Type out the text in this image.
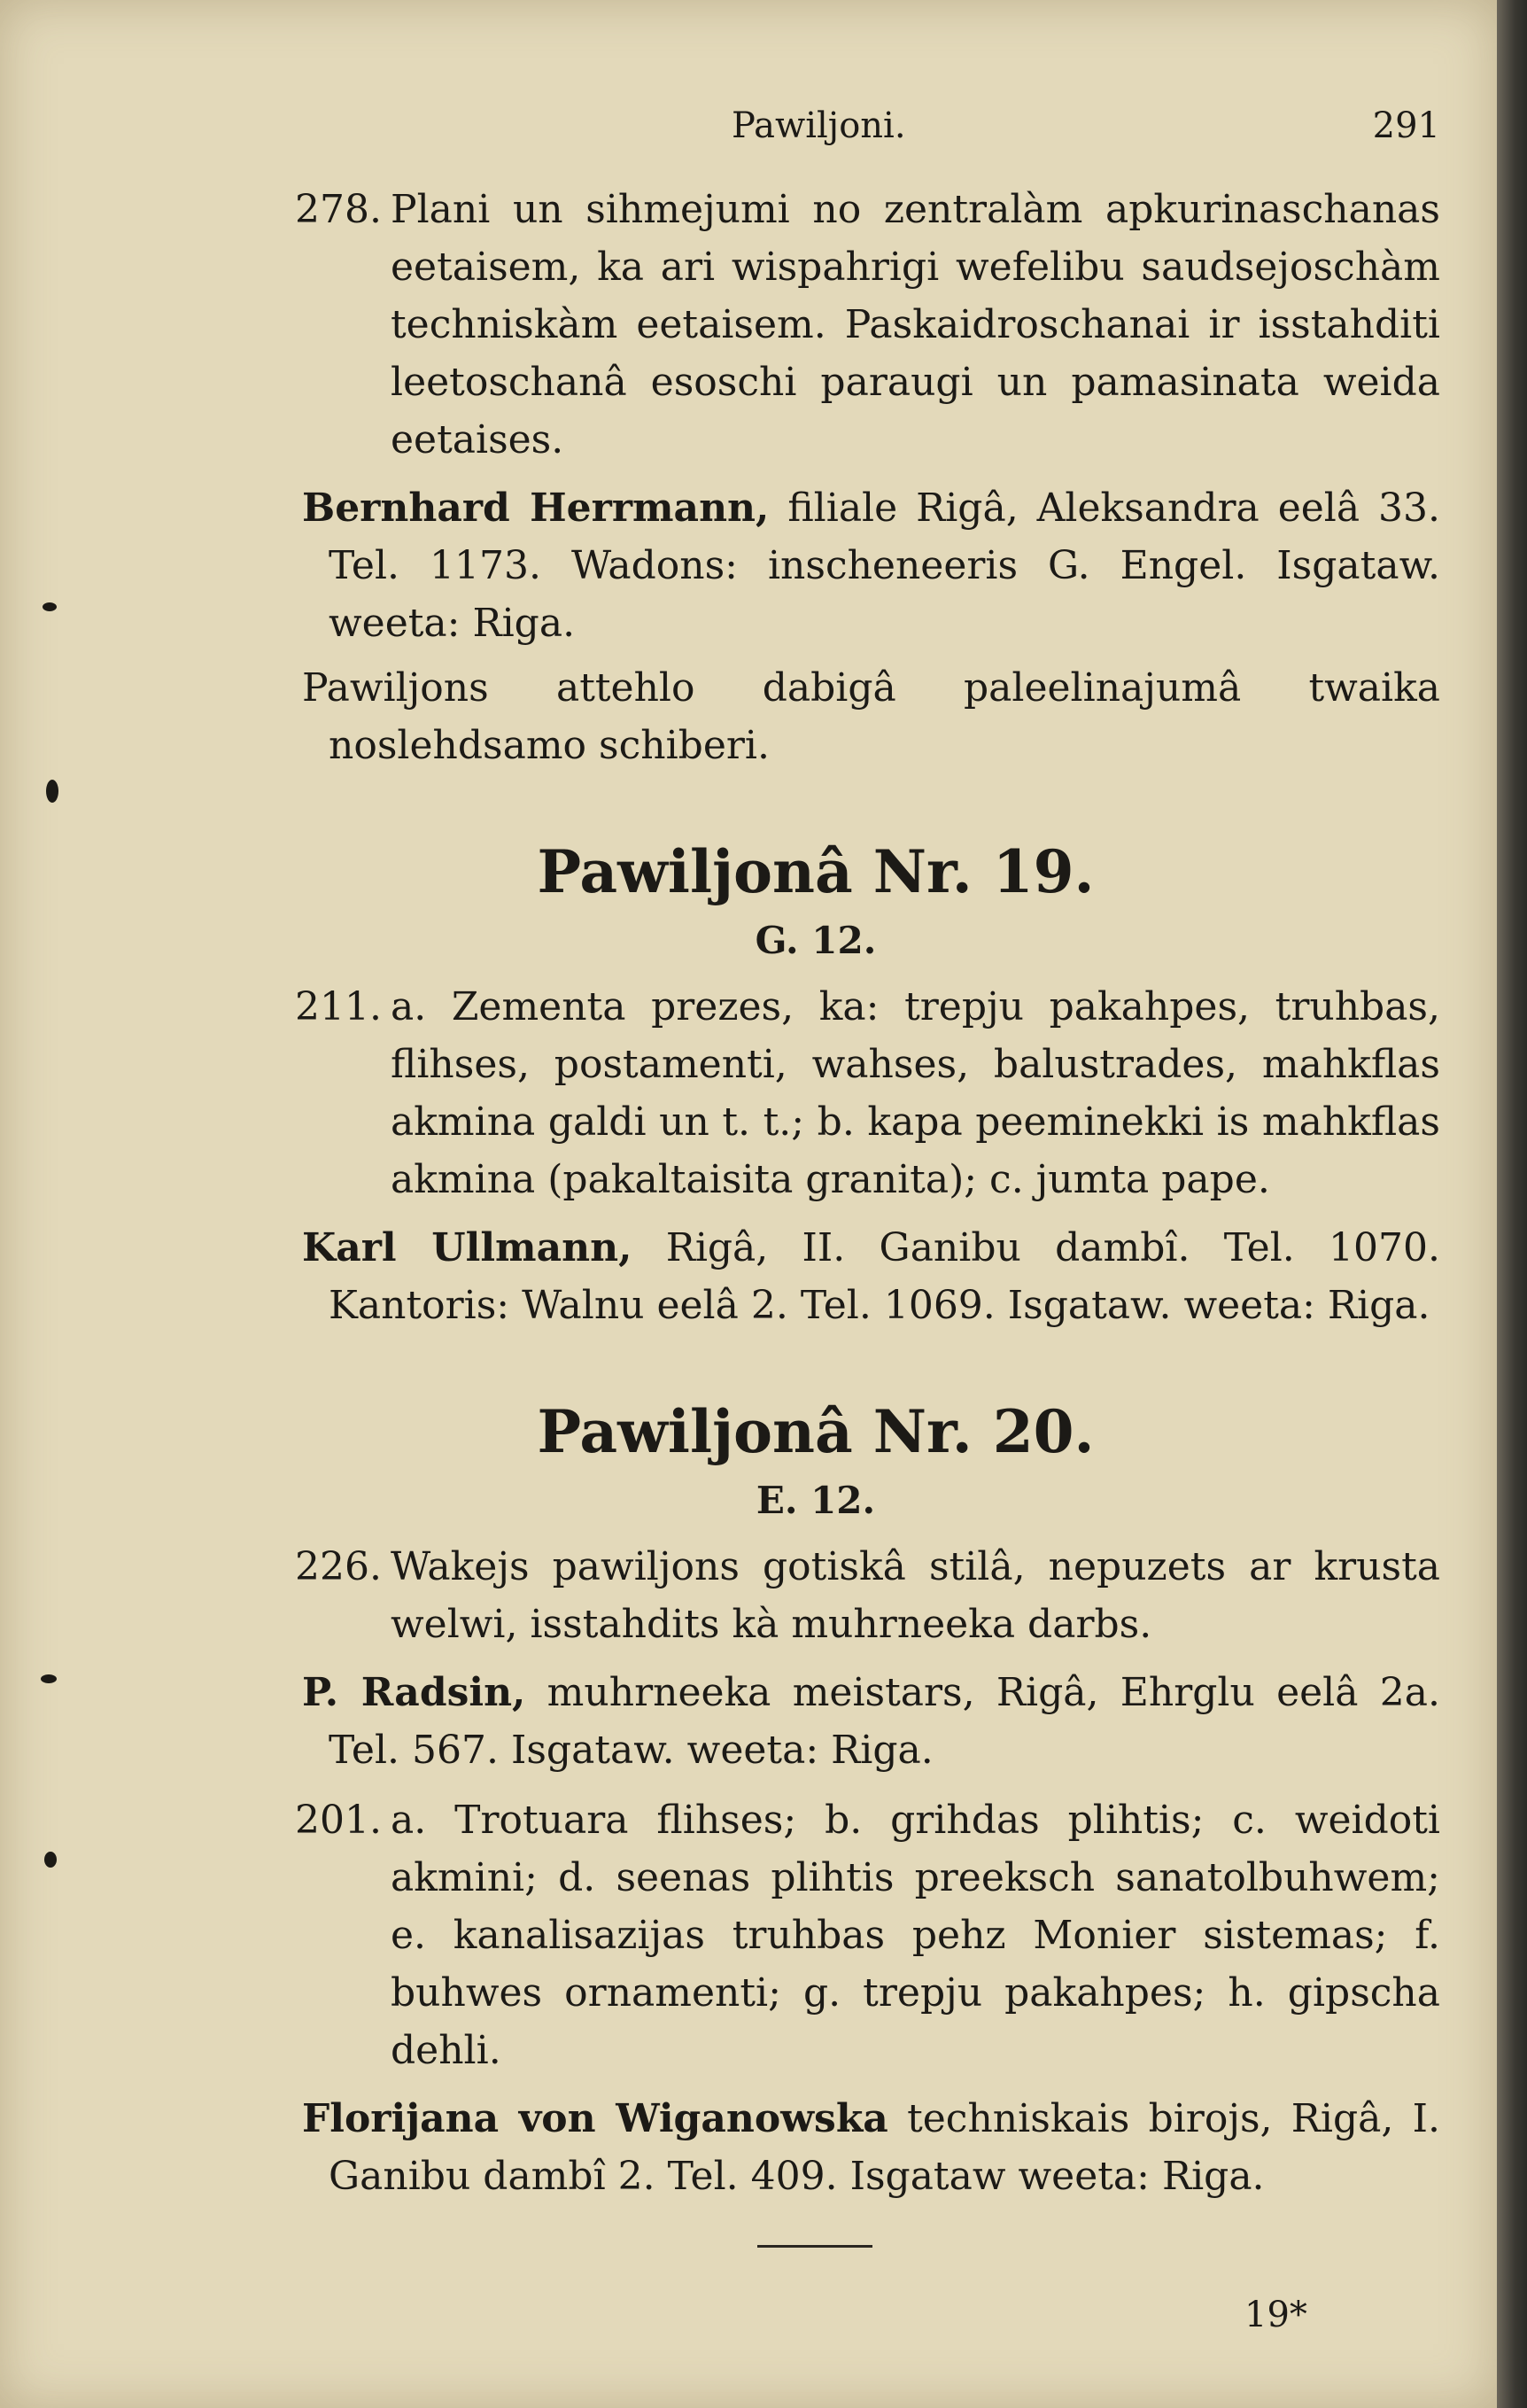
Pawiljoni.	291
278. Plani un sihmejumi no zentralàm apkurinaschanas eetaisem, ka ari wispahrigi wefelibu saudsejoschàm techniskàm eetaisem. Paskaidroschanai ir isstahditi leetoschanâ esoschi paraugi un pamasinata weida eetaises.
Bernhard Herrmann, filiale Rigâ, Aleksandra eelâ 33. Tel. 1173. Wadons: inscheneeris G. Engel. Isgataw. weeta: Riga.
Pawiljons attehlo dabigâ paleelinajumâ twaika noslehdsamo schiberi.
Pawiljonâ Nr. 19.
G. 12.
211. a. Zementa prezes, ka: trepju pakahpes, truhbas, flihses, postamenti, wahses, balustrades, mahkflas akmina galdi un t. t.; b. kapa peeminekki is mahkflas akmina (pakaltaisita granita); c. jumta pape.
Karl Ullmann, Rigâ, II. Ganibu dambî. Tel. 1070. Kantoris: Walnu eelâ 2. Tel. 1069. Isgataw. weeta: Riga.
Pawiljonâ Nr. 20.
E. 12.
226. Wakejs pawiljons gotiskâ stilâ, nepuzets ar krusta welwi, isstahdits kà muhrneeka darbs.
P. Radsin, muhrneeka meistars, Rigâ, Ehrglu eelâ 2a. Tel. 567. Isgataw. weeta: Riga.
201. a. Trotuara flihses; b. grihdas plihtis; c. weidoti akmini; d. seenas plihtis preeksch sanatolbuhwem; e. kanalisazijas truhbas pehz Monier sistemas; f. buhwes ornamenti; g. trepju pakahpes; h. gipscha dehli.
Florijana von Wiganowska techniskais birojs, Rigâ, I. Ganibu dambî 2. Tel. 409. Isgataw weeta: Riga.
19*
